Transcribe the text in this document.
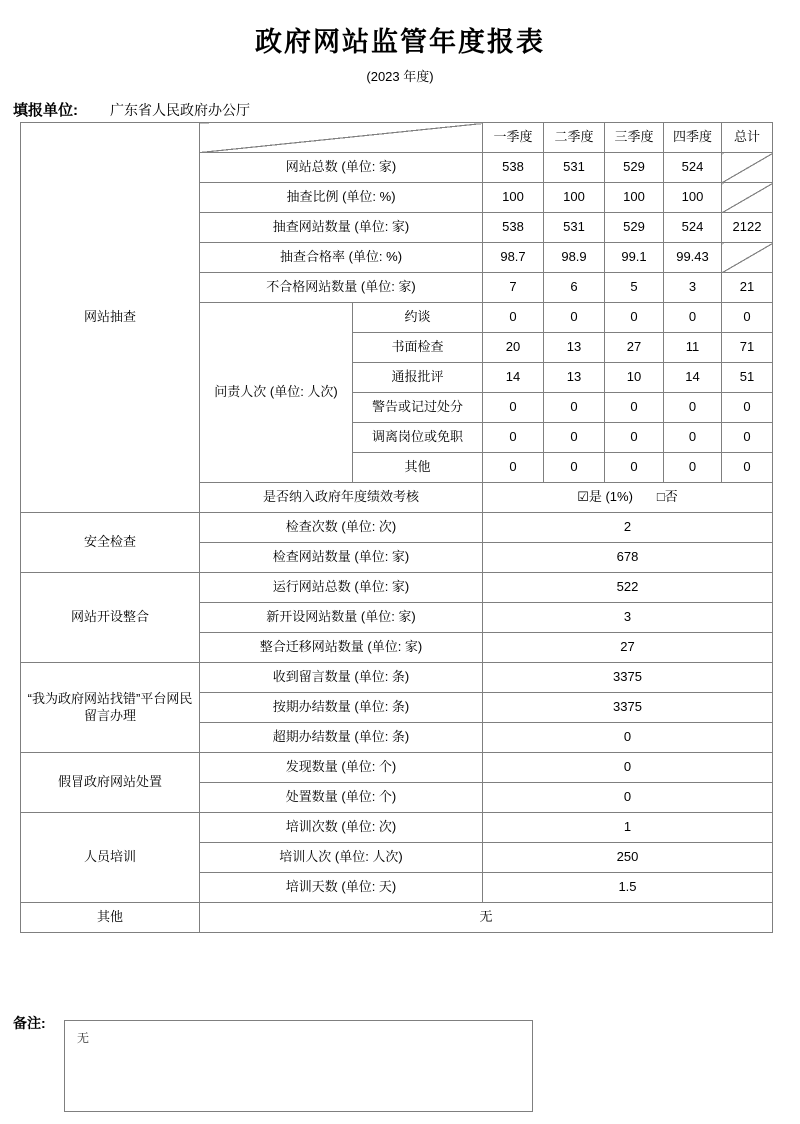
政府网站监管年度报表
(2023 年度)
填报单位: 广东省人民政府办公厅
网站抽查			一季度	二季度	三季度	四季度	总计
	网站总数 (单位: 家)		538	531	529	524	
	抽查比例 (单位: %)		100	100	100	100	
	抽查网站数量 (单位: 家)		538	531	529	524	2122
	抽查合格率 (单位: %)		98.7	98.9	99.1	99.43	
	不合格网站数量 (单位: 家)		7	6	5	3	21
	问责人次 (单位: 人次)	约谈	0	0	0	0	0
		书面检查	20	13	27	11	71
		通报批评	14	13	10	14	51
		警告或记过处分	0	0	0	0	0
		调离岗位或免职	0	0	0	0	0
		其他	0	0	0	0	0
	是否纳入政府年度绩效考核		☑是 (1%) □否				
安全检查	检查次数 (单位: 次)		2				
	检查网站数量 (单位: 家)		678				
网站开设整合	运行网站总数 (单位: 家)		522				
	新开设网站数量 (单位: 家)		3				
	整合迁移网站数量 (单位: 家)		27				
“我为政府网站找错”平台网民留言办理	收到留言数量 (单位: 条)		3375				
	按期办结数量 (单位: 条)		3375				
	超期办结数量 (单位: 条)		0				
假冒政府网站处置	发现数量 (单位: 个)		0				
	处置数量 (单位: 个)		0				
人员培训	培训次数 (单位: 次)		1				
	培训人次 (单位: 人次)		250				
	培训天数 (单位: 天)		1.5				
其他	无						
备注:
无
